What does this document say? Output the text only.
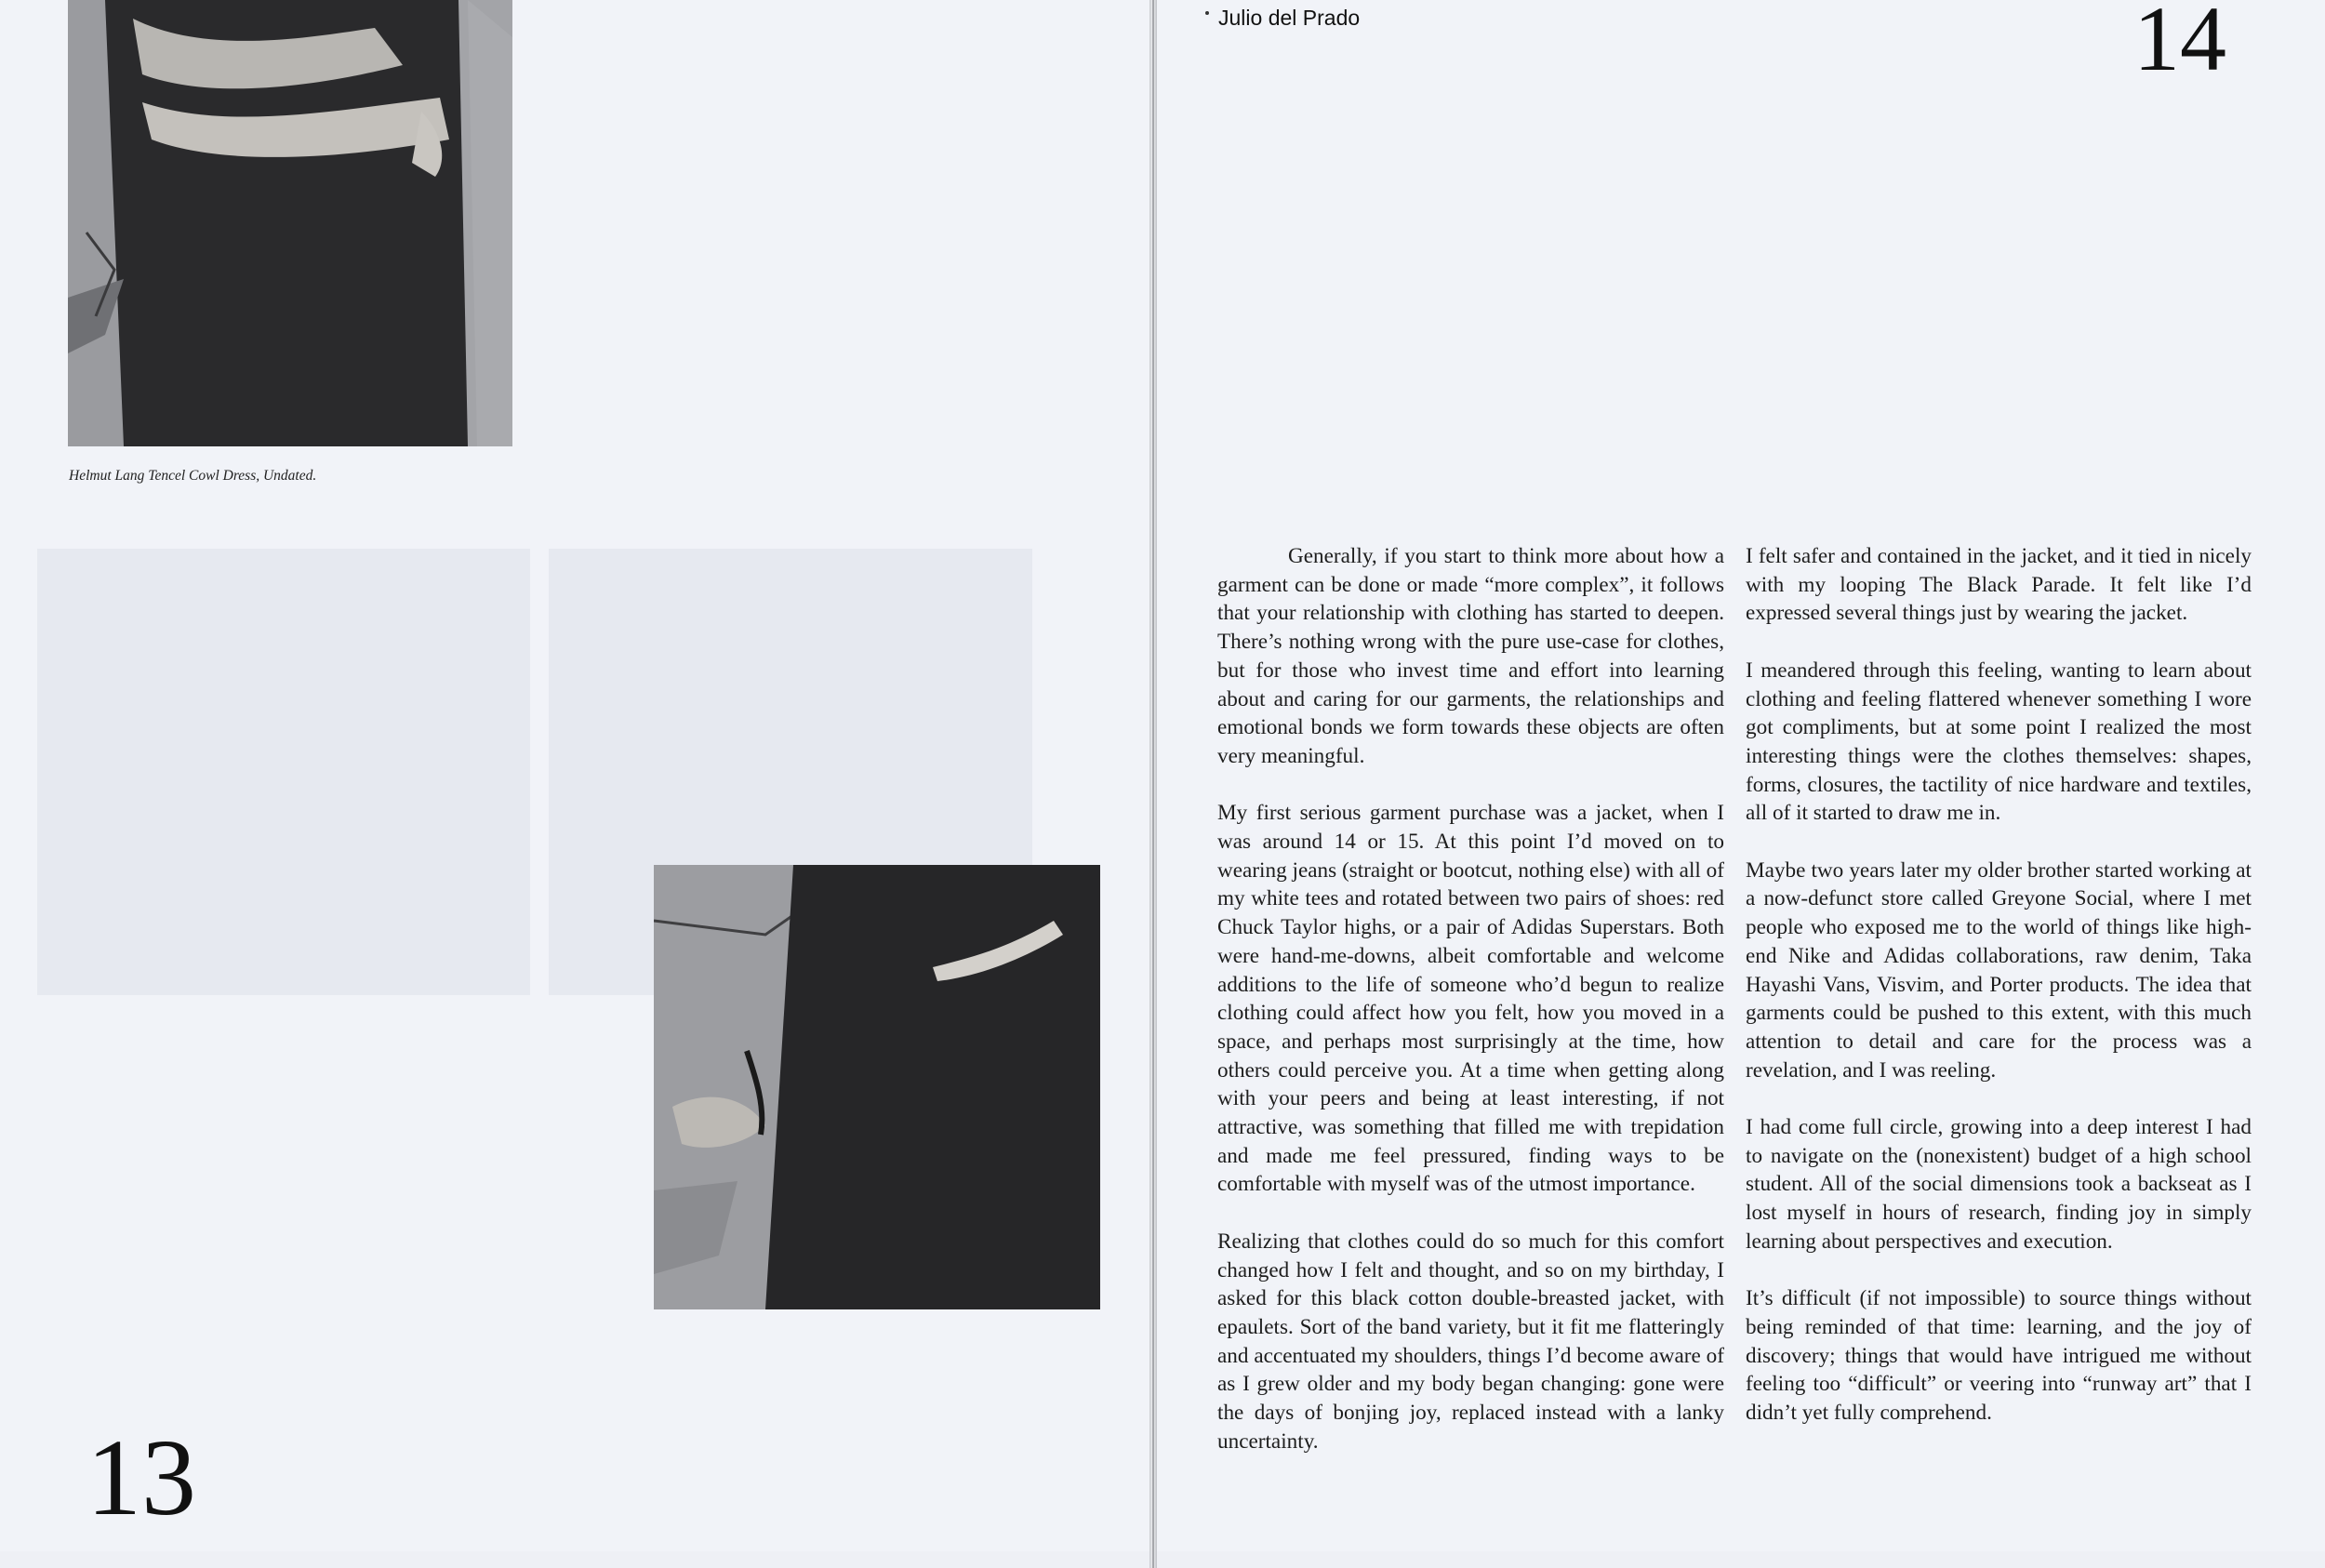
Helmut Lang Tencel Cowl Dress, Undated.
13
Julio del Prado	14

Generally, if you start to think more about how a garment can be done or made “more complex”, it follows that your relationship with clothing has started to deepen. There’s nothing wrong with the pure use-case for clothes, but for those who invest time and effort into learning about and caring for our garments, the relationships and emotional bonds we form towards these objects are often very meaningful.

My first serious garment purchase was a jacket, when I was around 14 or 15. At this point I’d moved on to wearing jeans (straight or bootcut, nothing else) with all of my white tees and rotated between two pairs of shoes: red Chuck Taylor highs, or a pair of Adidas Superstars. Both were hand-me-downs, albeit comfortable and welcome additions to the life of someone who’d begun to realize clothing could affect how you felt, how you moved in a space, and perhaps most surprisingly at the time, how others could perceive you. At a time when getting along with your peers and being at least interesting, if not attractive, was something that filled me with trepidation and made me feel pressured, finding ways to be comfortable with myself was of the utmost importance.

Realizing that clothes could do so much for this comfort changed how I felt and thought, and so on my birthday, I asked for this black cotton double-breasted jacket, with epaulets. Sort of the band variety, but it fit me flatteringly and accentuated my shoulders, things I’d become aware of as I grew older and my body began changing: gone were the days of bonjing joy, replaced instead with a lanky uncertainty.

I felt safer and contained in the jacket, and it tied in nicely with my looping The Black Parade. It felt like I’d expressed several things just by wearing the jacket.

I meandered through this feeling, wanting to learn about clothing and feeling flattered whenever something I wore got compliments, but at some point I realized the most interesting things were the clothes themselves: shapes, forms, closures, the tactility of nice hardware and textiles, all of it started to draw me in.

Maybe two years later my older brother started working at a now-defunct store called Greyone Social, where I met people who exposed me to the world of things like high-end Nike and Adidas collaborations, raw denim, Taka Hayashi Vans, Visvim, and Porter products. The idea that garments could be pushed to this extent, with this much attention to detail and care for the process was a revelation, and I was reeling.

I had come full circle, growing into a deep interest I had to navigate on the (nonexistent) budget of a high school student. All of the social dimensions took a backseat as I lost myself in hours of research, finding joy in simply learning about perspectives and execution.

It’s difficult (if not impossible) to source things without being reminded of that time: learning, and the joy of discovery; things that would have intrigued me without feeling too “difficult” or veering into “runway art” that I didn’t yet fully comprehend.
